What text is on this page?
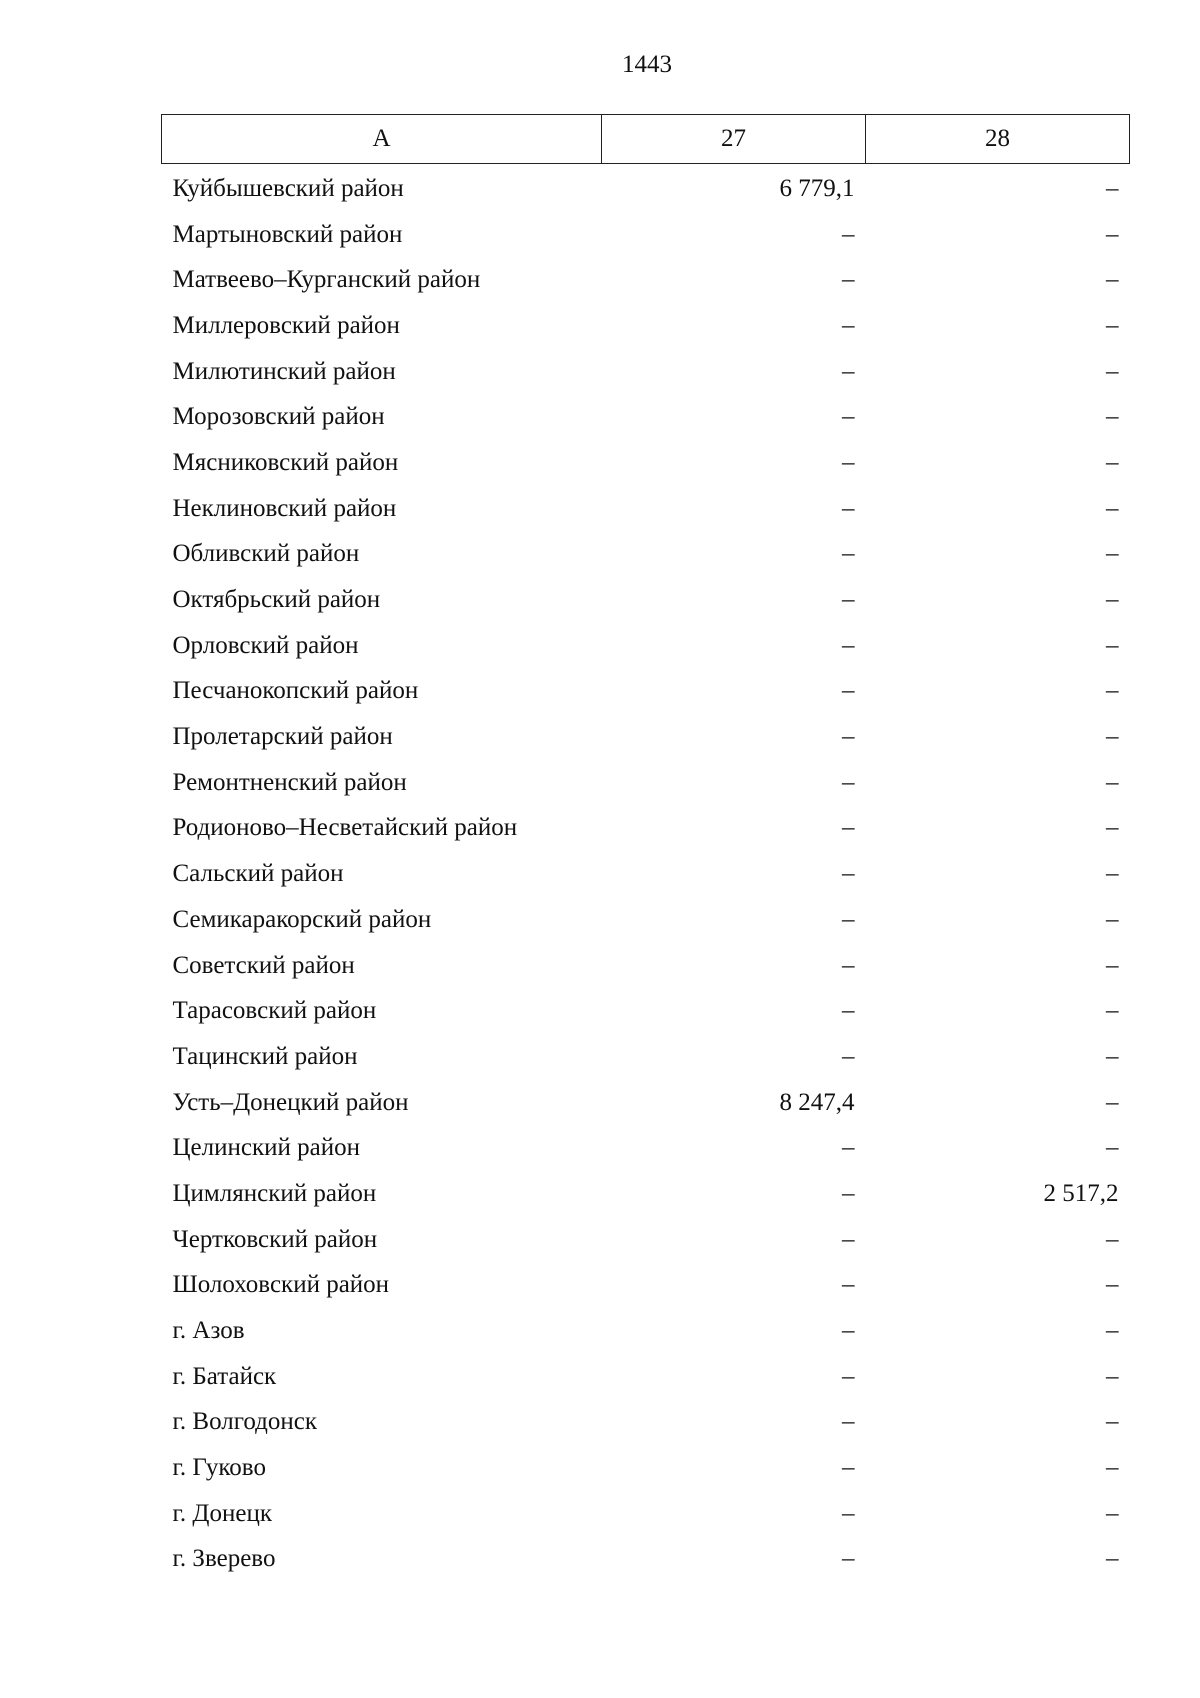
1443
А	27	28
Куйбышевский район	6 779,1	–
Мартыновский район	–	–
Матвеево–Курганский район	–	–
Миллеровский район	–	–
Милютинский район	–	–
Морозовский район	–	–
Мясниковский район	–	–
Неклиновский район	–	–
Обливский район	–	–
Октябрьский район	–	–
Орловский район	–	–
Песчанокопский район	–	–
Пролетарский район	–	–
Ремонтненский район	–	–
Родионово–Несветайский район	–	–
Сальский район	–	–
Семикаракорский район	–	–
Советский район	–	–
Тарасовский район	–	–
Тацинский район	–	–
Усть–Донецкий район	8 247,4	–
Целинский район	–	–
Цимлянский район	–	2 517,2
Чертковский район	–	–
Шолоховский район	–	–
г. Азов	–	–
г. Батайск	–	–
г. Волгодонск	–	–
г. Гуково	–	–
г. Донецк	–	–
г. Зверево	–	–
